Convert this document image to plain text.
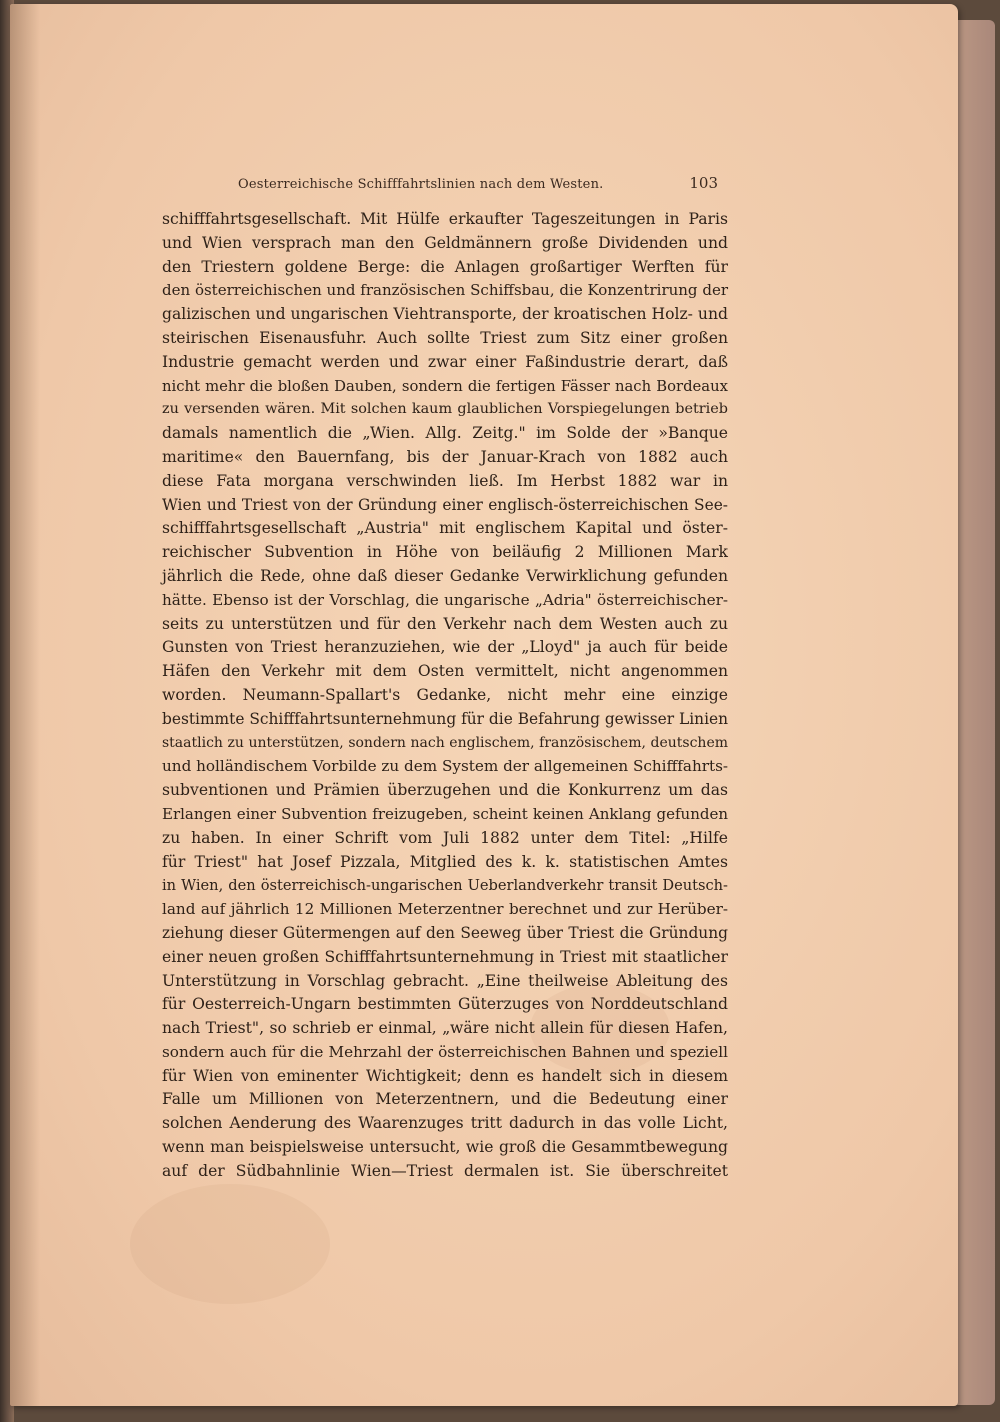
Oesterreichische Schifffahrtslinien nach dem Westen.	103
schifffahrtsgesellschaft. Mit Hülfe erkaufter Tageszeitungen in Paris
und Wien versprach man den Geldmännern große Dividenden und
den Triestern goldene Berge: die Anlagen großartiger Werften für
den österreichischen und französischen Schiffsbau, die Konzentrirung der
galizischen und ungarischen Viehtransporte, der kroatischen Holz- und
steirischen Eisenausfuhr. Auch sollte Triest zum Sitz einer großen
Industrie gemacht werden und zwar einer Faßindustrie derart, daß
nicht mehr die bloßen Dauben, sondern die fertigen Fässer nach Bordeaux
zu versenden wären. Mit solchen kaum glaublichen Vorspiegelungen betrieb
damals namentlich die „Wien. Allg. Zeitg." im Solde der »Banque
maritime« den Bauernfang, bis der Januar-Krach von 1882 auch
diese Fata morgana verschwinden ließ. Im Herbst 1882 war in
Wien und Triest von der Gründung einer englisch-österreichischen See-
schifffahrtsgesellschaft „Austria" mit englischem Kapital und öster-
reichischer Subvention in Höhe von beiläufig 2 Millionen Mark
jährlich die Rede, ohne daß dieser Gedanke Verwirklichung gefunden
hätte. Ebenso ist der Vorschlag, die ungarische „Adria" österreichischer-
seits zu unterstützen und für den Verkehr nach dem Westen auch zu
Gunsten von Triest heranzuziehen, wie der „Lloyd" ja auch für beide
Häfen den Verkehr mit dem Osten vermittelt, nicht angenommen
worden. Neumann-Spallart's Gedanke, nicht mehr eine einzige
bestimmte Schifffahrtsunternehmung für die Befahrung gewisser Linien
staatlich zu unterstützen, sondern nach englischem, französischem, deutschem
und holländischem Vorbilde zu dem System der allgemeinen Schifffahrts-
subventionen und Prämien überzugehen und die Konkurrenz um das
Erlangen einer Subvention freizugeben, scheint keinen Anklang gefunden
zu haben. In einer Schrift vom Juli 1882 unter dem Titel: „Hilfe
für Triest" hat Josef Pizzala, Mitglied des k. k. statistischen Amtes
in Wien, den österreichisch-ungarischen Ueberlandverkehr transit Deutsch-
land auf jährlich 12 Millionen Meterzentner berechnet und zur Herüber-
ziehung dieser Gütermengen auf den Seeweg über Triest die Gründung
einer neuen großen Schifffahrtsunternehmung in Triest mit staatlicher
Unterstützung in Vorschlag gebracht. „Eine theilweise Ableitung des
für Oesterreich-Ungarn bestimmten Güterzuges von Norddeutschland
nach Triest", so schrieb er einmal, „wäre nicht allein für diesen Hafen,
sondern auch für die Mehrzahl der österreichischen Bahnen und speziell
für Wien von eminenter Wichtigkeit; denn es handelt sich in diesem
Falle um Millionen von Meterzentnern, und die Bedeutung einer
solchen Aenderung des Waarenzuges tritt dadurch in das volle Licht,
wenn man beispielsweise untersucht, wie groß die Gesammtbewegung
auf der Südbahnlinie Wien—Triest dermalen ist. Sie überschreitet
